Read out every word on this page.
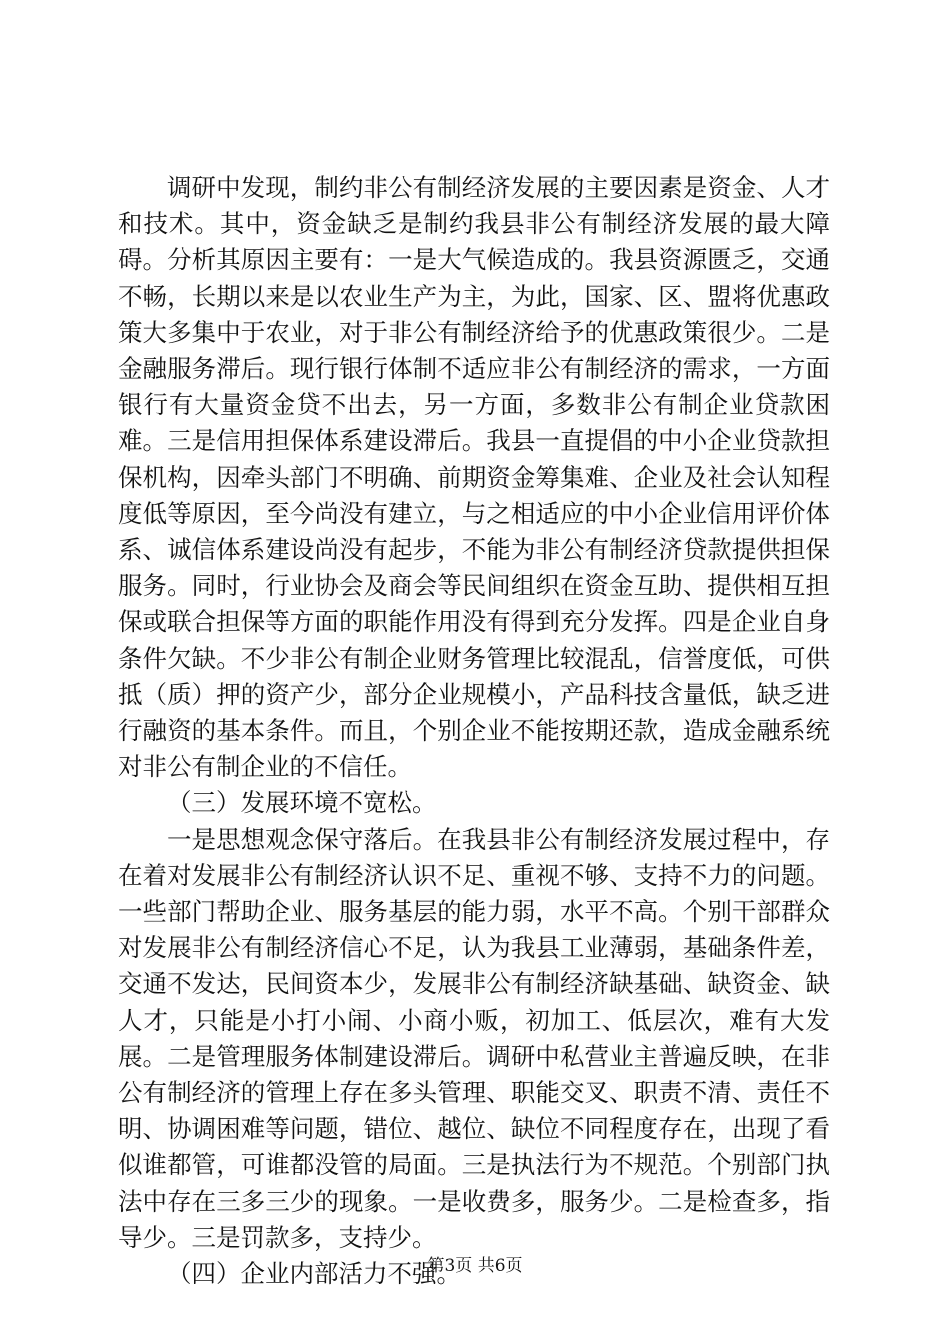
调研中发现，制约非公有制经济发展的主要因素是资金、人才和技术。其中，资金缺乏是制约我县非公有制经济发展的最大障碍。分析其原因主要有：一是大气候造成的。我县资源匮乏，交通不畅，长期以来是以农业生产为主，为此，国家、区、盟将优惠政策大多集中于农业，对于非公有制经济给予的优惠政策很少。二是金融服务滞后。现行银行体制不适应非公有制经济的需求，一方面银行有大量资金贷不出去，另一方面，多数非公有制企业贷款困难。三是信用担保体系建设滞后。我县一直提倡的中小企业贷款担保机构，因牵头部门不明确、前期资金筹集难、企业及社会认知程度低等原因，至今尚没有建立，与之相适应的中小企业信用评价体系、诚信体系建设尚没有起步，不能为非公有制经济贷款提供担保服务。同时，行业协会及商会等民间组织在资金互助、提供相互担保或联合担保等方面的职能作用没有得到充分发挥。四是企业自身条件欠缺。不少非公有制企业财务管理比较混乱，信誉度低，可供抵（质）押的资产少，部分企业规模小，产品科技含量低，缺乏进行融资的基本条件。而且，个别企业不能按期还款，造成金融系统对非公有制企业的不信任。

（三）发展环境不宽松。

一是思想观念保守落后。在我县非公有制经济发展过程中，存在着对发展非公有制经济认识不足、重视不够、支持不力的问题。一些部门帮助企业、服务基层的能力弱，水平不高。个别干部群众对发展非公有制经济信心不足，认为我县工业薄弱，基础条件差，交通不发达，民间资本少，发展非公有制经济缺基础、缺资金、缺人才，只能是小打小闹、小商小贩，初加工、低层次，难有大发展。二是管理服务体制建设滞后。调研中私营业主普遍反映，在非公有制经济的管理上存在多头管理、职能交叉、职责不清、责任不明、协调困难等问题，错位、越位、缺位不同程度存在，出现了看似谁都管，可谁都没管的局面。三是执法行为不规范。个别部门执法中存在三多三少的现象。一是收费多，服务少。二是检查多，指导少。三是罚款多，支持少。

（四）企业内部活力不强。

第3页 共6页
